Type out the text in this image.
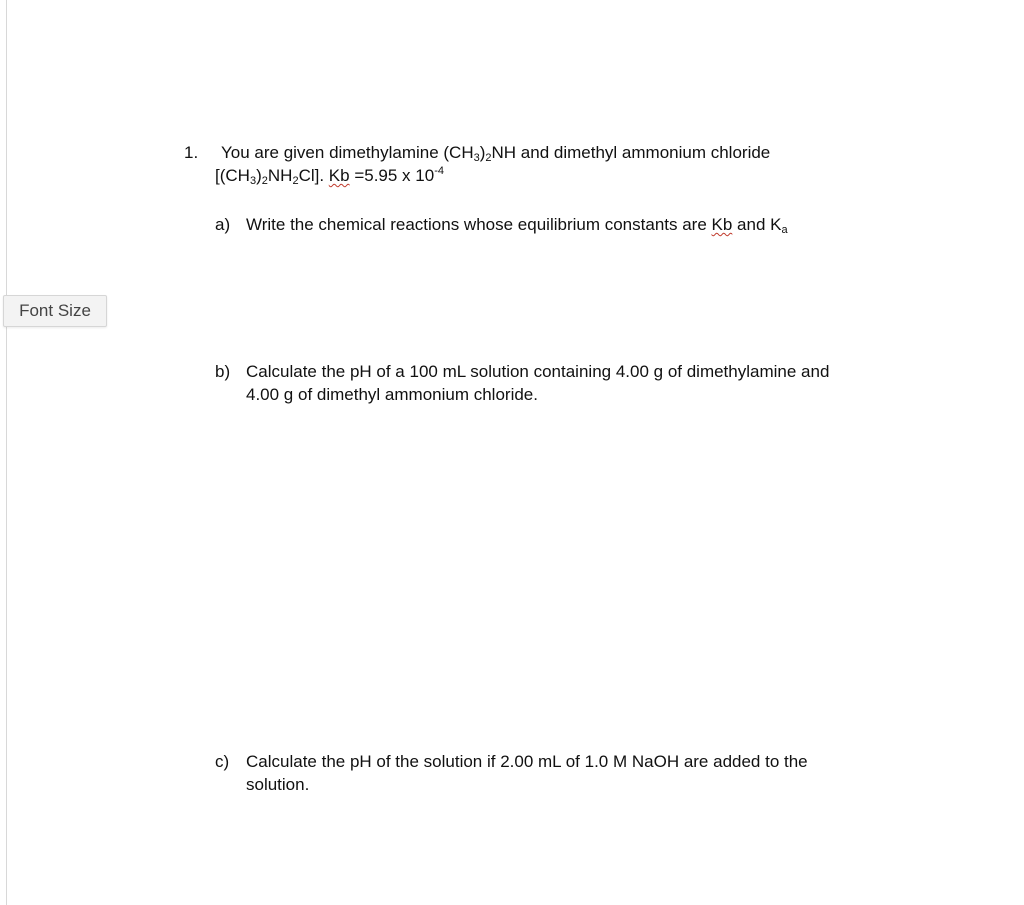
Font Size
1. You are given dimethylamine $(CH_3)_2NH$ and dimethyl ammonium chloride
$[(CH_3)_2NH_2Cl]$. Kb =5.95 x $10^{-4}$
a) Write the chemical reactions whose equilibrium constants are Kb and $K_a$
b) Calculate the pH of a 100 mL solution containing 4.00 g of dimethylamine and
4.00 g of dimethyl ammonium chloride.
c) Calculate the pH of the solution if 2.00 mL of 1.0 M NaOH are added to the
solution.
